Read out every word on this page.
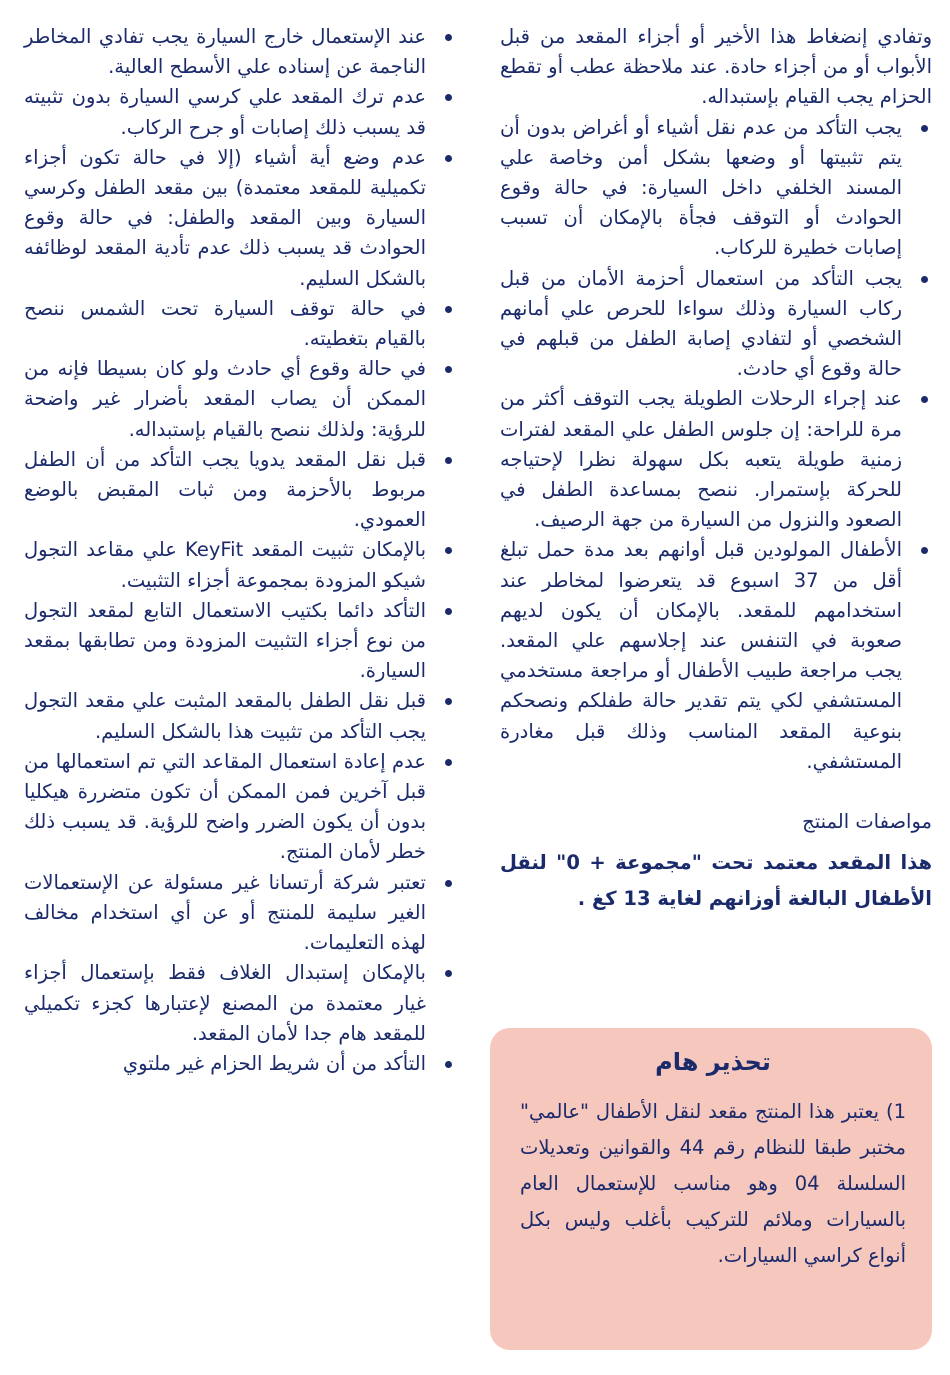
وتفادي إنضغاط هذا الأخير أو أجزاء المقعد من قبل الأبواب أو من أجزاء حادة. عند ملاحظة عطب أو تقطع الحزام يجب القيام بإستبداله.

يجب التأكد من عدم نقل أشياء أو أغراض بدون أن يتم تثبيتها أو وضعها بشكل أمن وخاصة علي المسند الخلفي داخل السيارة: في حالة وقوع الحوادث أو التوقف فجأة بالإمكان أن تسبب إصابات خطيرة للركاب.
يجب التأكد من استعمال أحزمة الأمان من قبل ركاب السيارة وذلك سواءا للحرص علي أمانهم الشخصي أو لتفادي إصابة الطفل من قبلهم في حالة وقوع أي حادث.
عند إجراء الرحلات الطويلة يجب التوقف أكثر من مرة للراحة: إن جلوس الطفل علي المقعد لفترات زمنية طويلة يتعبه بكل سهولة نظرا لإحتياجه للحركة بإستمرار. ننصح بمساعدة الطفل في الصعود والنزول من السيارة من جهة الرصيف.
الأطفال المولودين قبل أوانهم بعد مدة حمل تبلغ أقل من 37 اسبوع قد يتعرضوا لمخاطر عند استخدامهم للمقعد. بالإمكان أن يكون لديهم صعوبة في التنفس عند إجلاسهم علي المقعد. يجب مراجعة طبيب الأطفال أو مراجعة مستخدمي المستشفي لكي يتم تقدير حالة طفلكم ونصحكم بنوعية المقعد المناسب وذلك قبل مغادرة المستشفي.

مواصفات المنتج

هذا المقعد معتمد تحت "مجموعة + 0" لنقل الأطفال البالغة أوزانهم لغاية 13 كغ .

تحذير هام

1) يعتبر هذا المنتج مقعد لنقل الأطفال "عالمي" مختبر طبقا للنظام رقم 44 والقوانين وتعديلات السلسلة 04 وهو مناسب للإستعمال العام بالسيارات وملائم للتركيب بأغلب وليس بكل أنواع كراسي السيارات.

عند الإستعمال خارج السيارة يجب تفادي المخاطر الناجمة عن إسناده علي الأسطح العالية.
عدم ترك المقعد علي كرسي السيارة بدون تثبيته قد يسبب ذلك إصابات أو جرح الركاب.
عدم وضع أية أشياء (إلا في حالة تكون أجزاء تكميلية للمقعد معتمدة) بين مقعد الطفل وكرسي السيارة وبين المقعد والطفل: في حالة وقوع الحوادث قد يسبب ذلك عدم تأدية المقعد لوظائفه بالشكل السليم.
في حالة توقف السيارة تحت الشمس ننصح بالقيام بتغطيته.
في حالة وقوع أي حادث ولو كان بسيطا فإنه من الممكن أن يصاب المقعد بأضرار غير واضحة للرؤية: ولذلك ننصح بالقيام بإستبداله.
قبل نقل المقعد يدويا يجب التأكد من أن الطفل مربوط بالأحزمة ومن ثبات المقبض بالوضع العمودي.
بالإمكان تثبيت المقعد KeyFit علي مقاعد التجول شيكو المزودة بمجموعة أجزاء التثبيت.
التأكد دائما بكتيب الاستعمال التابع لمقعد التجول من نوع أجزاء التثبيت المزودة ومن تطابقها بمقعد السيارة.
قبل نقل الطفل بالمقعد المثبت علي مقعد التجول يجب التأكد من تثبيت هذا بالشكل السليم.
عدم إعادة استعمال المقاعد التي تم استعمالها من قبل آخرين فمن الممكن أن تكون متضررة هيكليا بدون أن يكون الضرر واضح للرؤية. قد يسبب ذلك خطر لأمان المنتج.
تعتبر شركة أرتسانا غير مسئولة عن الإستعمالات الغير سليمة للمنتج أو عن أي استخدام مخالف لهذه التعليمات.
بالإمكان إستبدال الغلاف فقط بإستعمال أجزاء غيار معتمدة من المصنع لإعتبارها كجزء تكميلي للمقعد هام جدا لأمان المقعد.
التأكد من أن شريط الحزام غير ملتوي
